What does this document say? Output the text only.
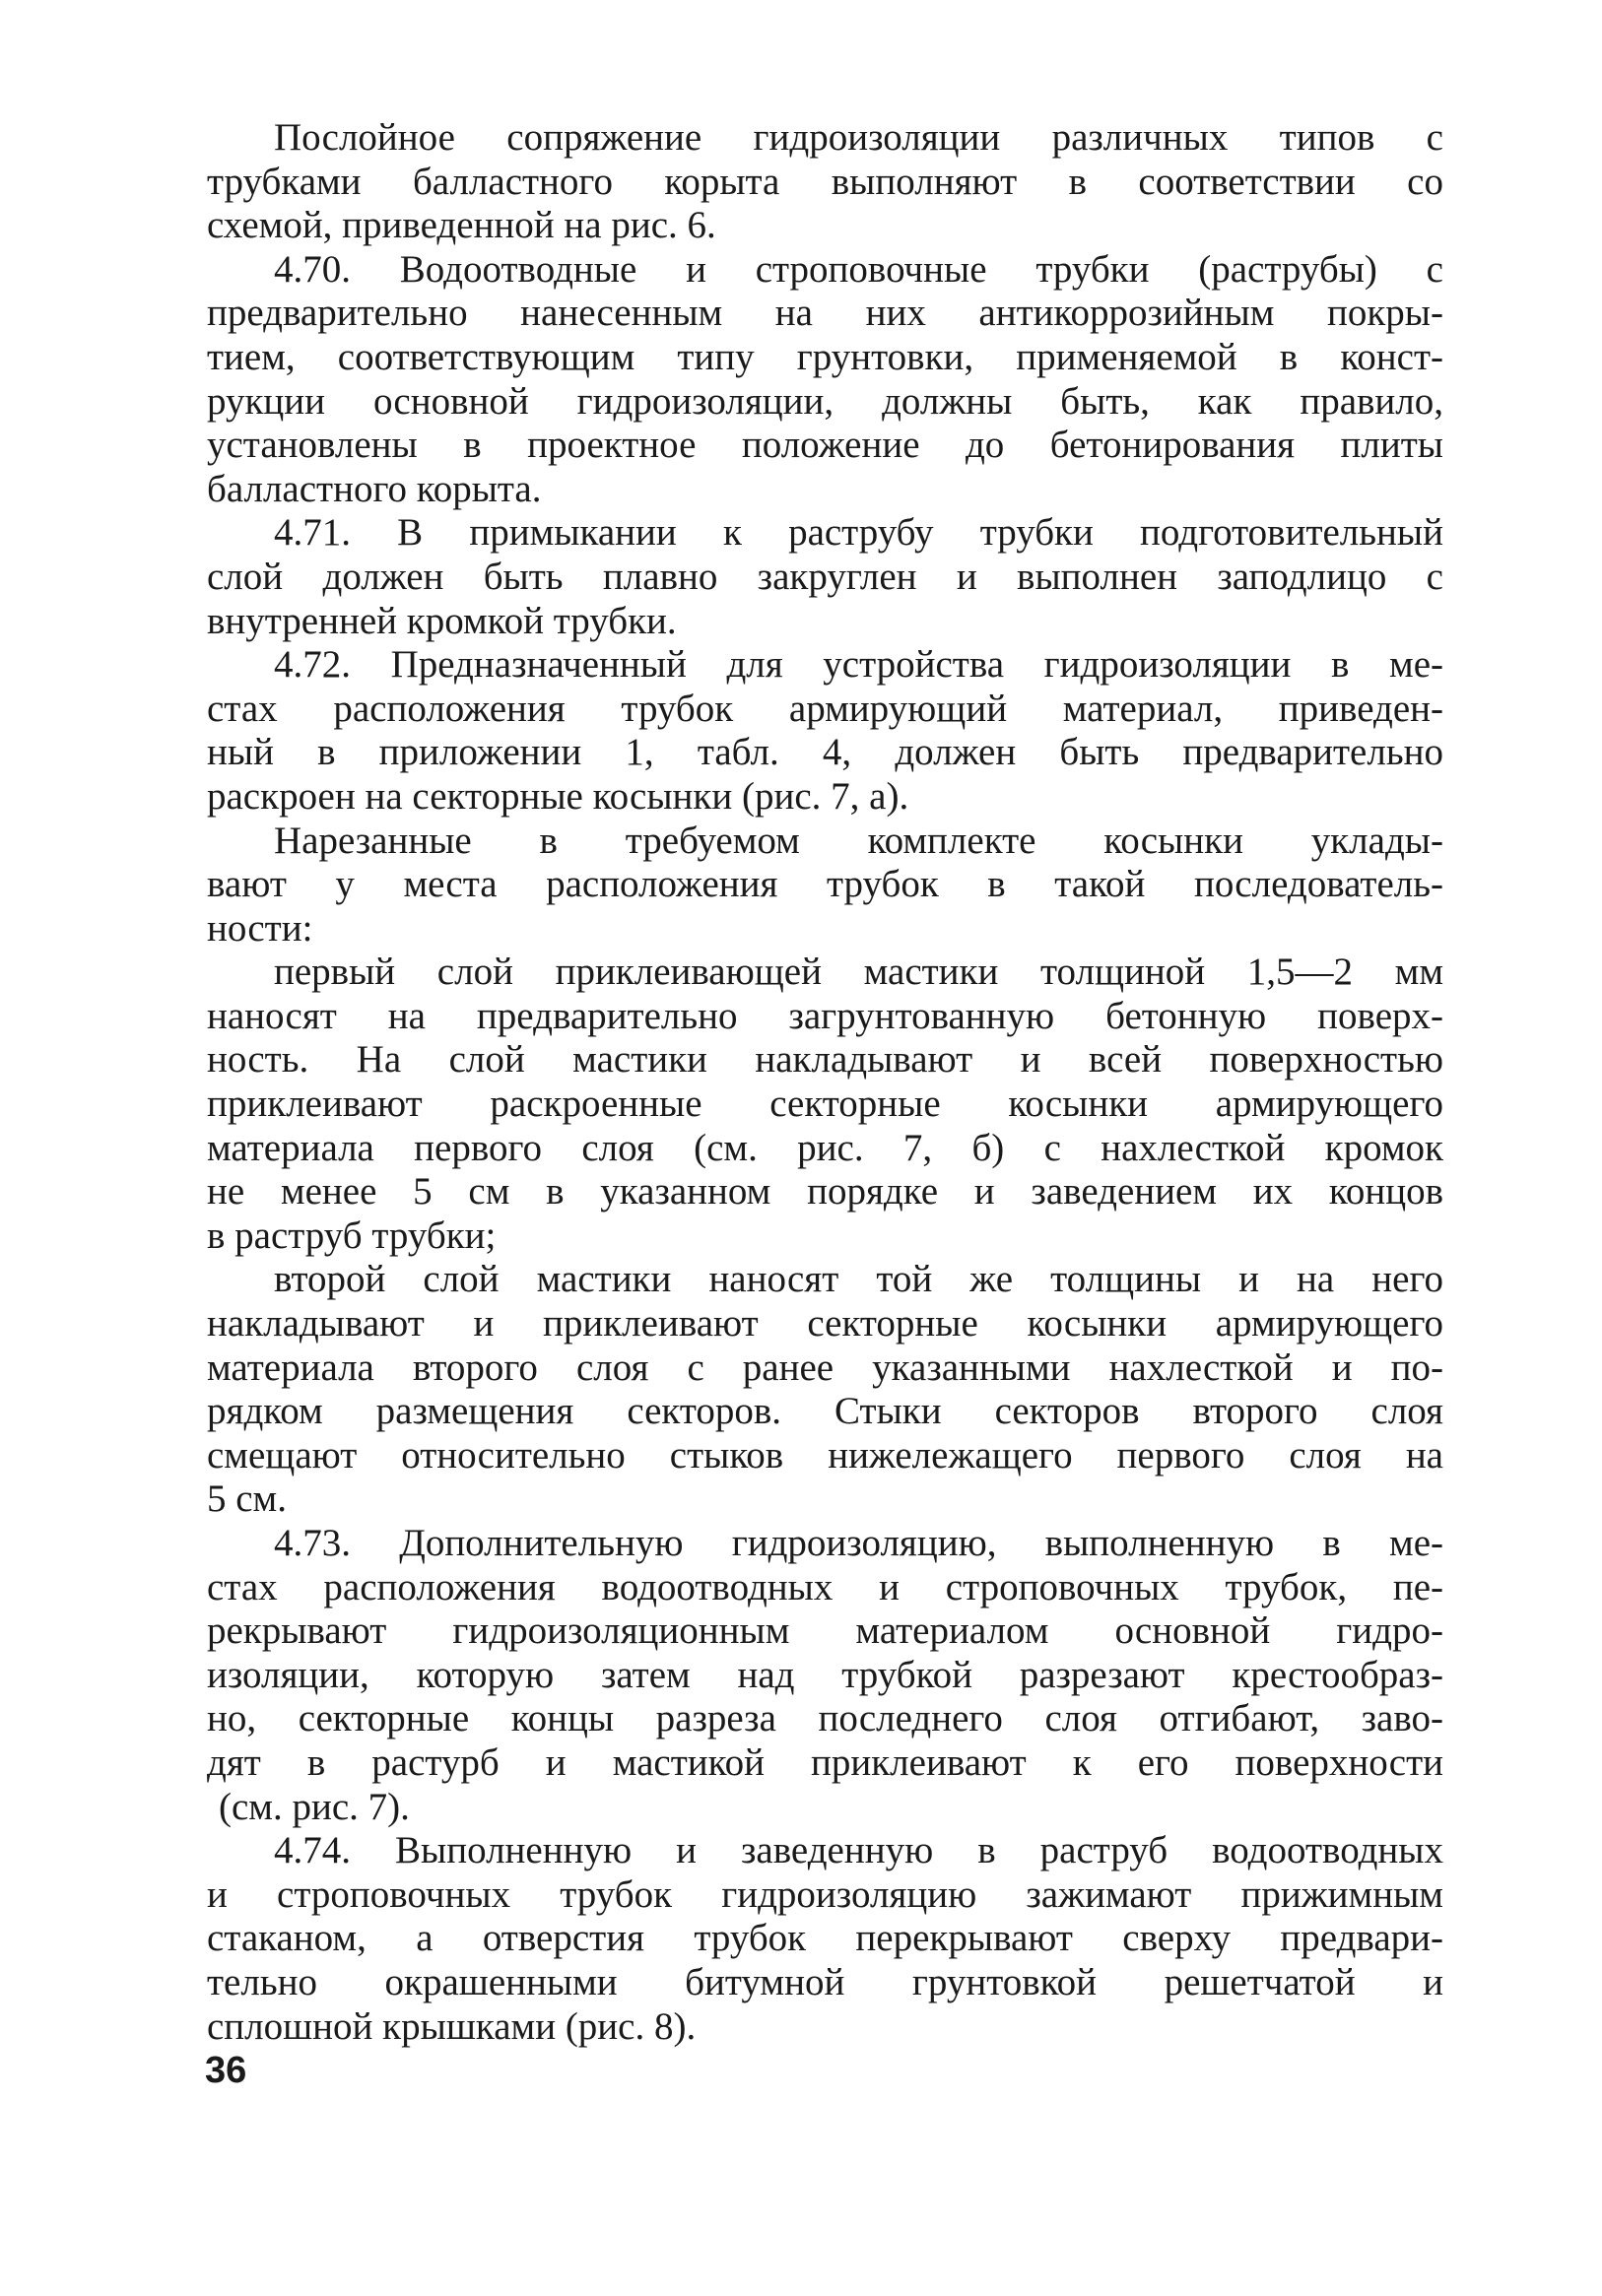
Послойное сопряжение гидроизоляции различных типов с
трубками балластного корыта выполняют в соответствии со
схемой, приведенной на рис. 6.
4.70. Водоотводные и строповочные трубки (раструбы) с
предварительно нанесенным на них антикоррозийным покры-
тием, соответствующим типу грунтовки, применяемой в конст-
рукции основной гидроизоляции, должны быть, как правило,
установлены в проектное положение до бетонирования плиты
балластного корыта.
4.71. В примыкании к раструбу трубки подготовительный
слой должен быть плавно закруглен и выполнен заподлицо с
внутренней кромкой трубки.
4.72. Предназначенный для устройства гидроизоляции в ме-
стах расположения трубок армирующий материал, приведен-
ный в приложении 1, табл. 4, должен быть предварительно
раскроен на секторные косынки (рис. 7, а).
Нарезанные в требуемом комплекте косынки уклады-
вают у места расположения трубок в такой последователь-
ности:
первый слой приклеивающей мастики толщиной 1,5—2 мм
наносят на предварительно загрунтованную бетонную поверх-
ность. На слой мастики накладывают и всей поверхностью
приклеивают раскроенные секторные косынки армирующего
материала первого слоя (см. рис. 7, б) с нахлесткой кромок
не менее 5 см в указанном порядке и заведением их концов
в раструб трубки;
второй слой мастики наносят той же толщины и на него
накладывают и приклеивают секторные косынки армирующего
материала второго слоя с ранее указанными нахлесткой и по-
рядком размещения секторов. Стыки секторов второго слоя
смещают относительно стыков нижележащего первого слоя на
5 см.
4.73. Дополнительную гидроизоляцию, выполненную в ме-
стах расположения водоотводных и строповочных трубок, пе-
рекрывают гидроизоляционным материалом основной гидро-
изоляции, которую затем над трубкой разрезают крестообраз-
но, секторные концы разреза последнего слоя отгибают, заво-
дят в растурб и мастикой приклеивают к его поверхности
(см. рис. 7).
4.74. Выполненную и заведенную в раструб водоотводных
и строповочных трубок гидроизоляцию зажимают прижимным
стаканом, а отверстия трубок перекрывают сверху предвари-
тельно окрашенными битумной грунтовкой решетчатой и
сплошной крышками (рис. 8).
36
